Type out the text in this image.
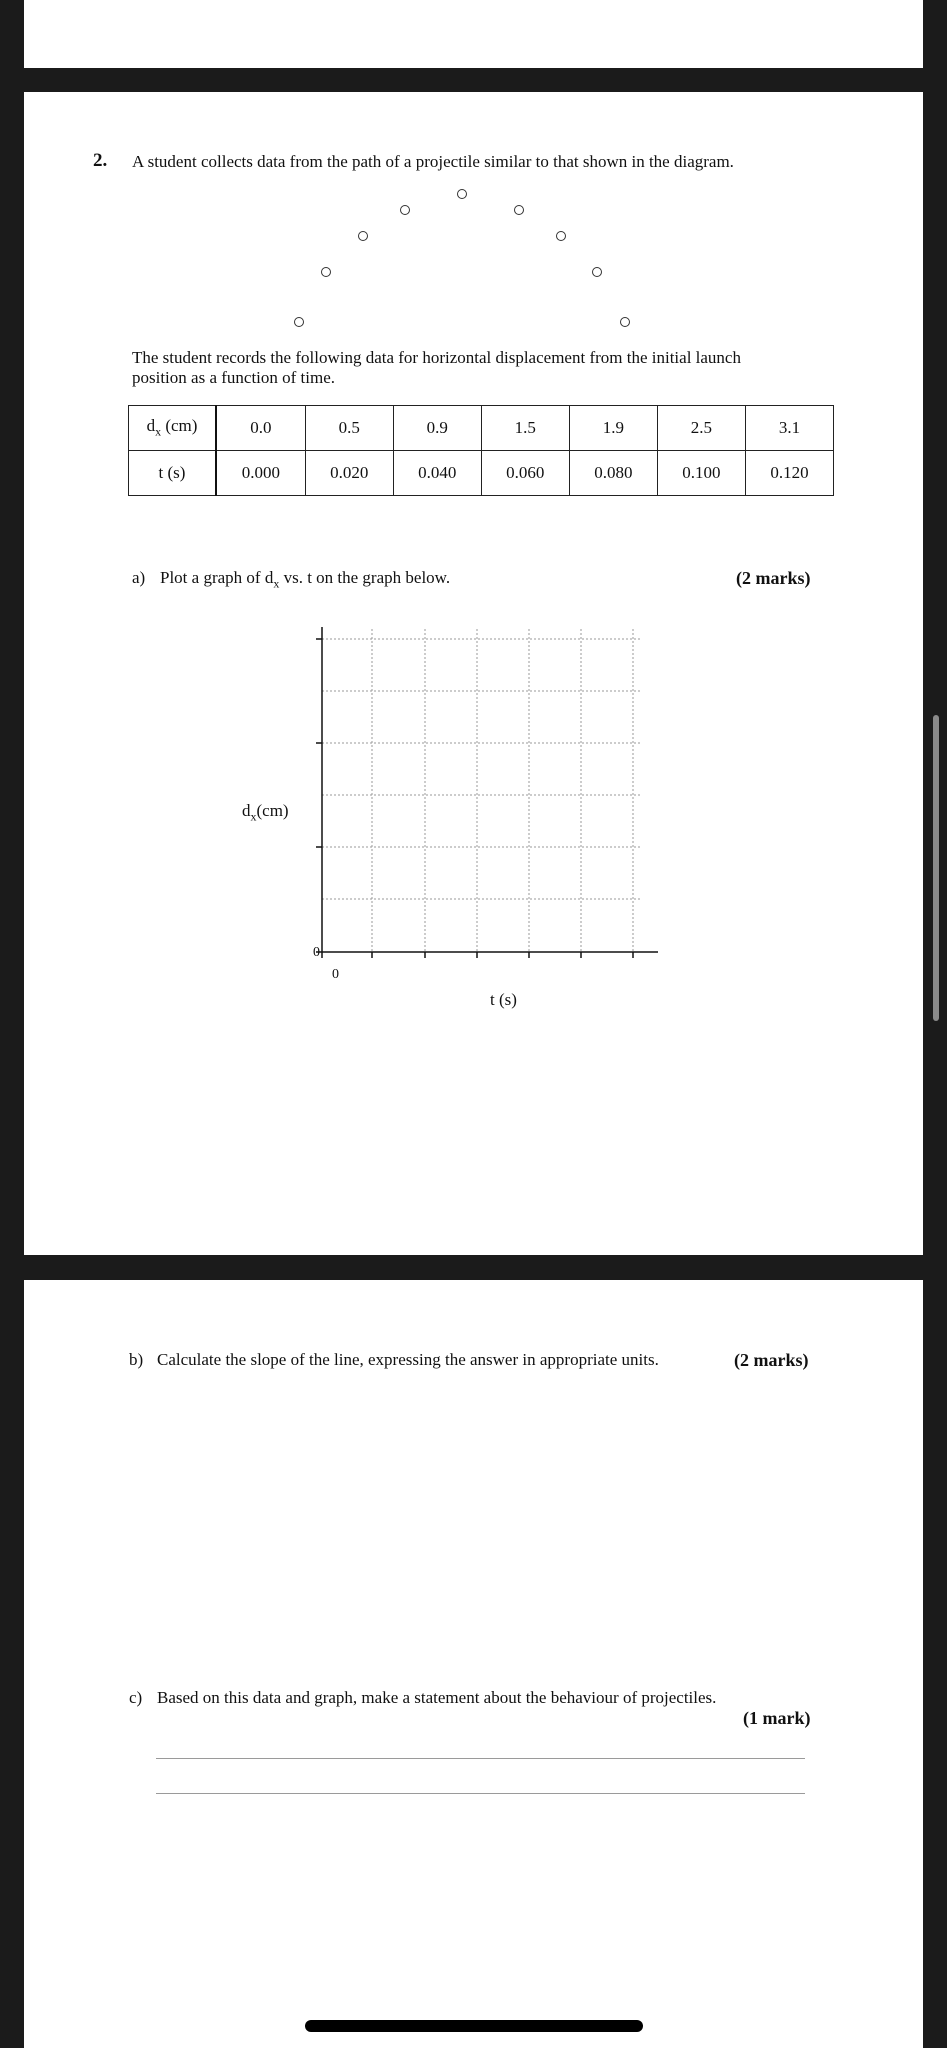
2. A student collects data from the path of a projectile similar to that shown in the diagram.
The student records the following data for horizontal displacement from the initial launch
position as a function of time.
$d_x$ (cm)	0.0	0.5	0.9	1.5	1.9	2.5	3.1
t (s)	0.000	0.020	0.040	0.060	0.080	0.100	0.120
a) Plot a graph of $d_x$ vs. t on the graph below.	(2 marks)
$d_x(cm)$
0
0
t (s)
b) Calculate the slope of the line, expressing the answer in appropriate units.	(2 marks)
c) Based on this data and graph, make a statement about the behaviour of projectiles.
(1 mark)
